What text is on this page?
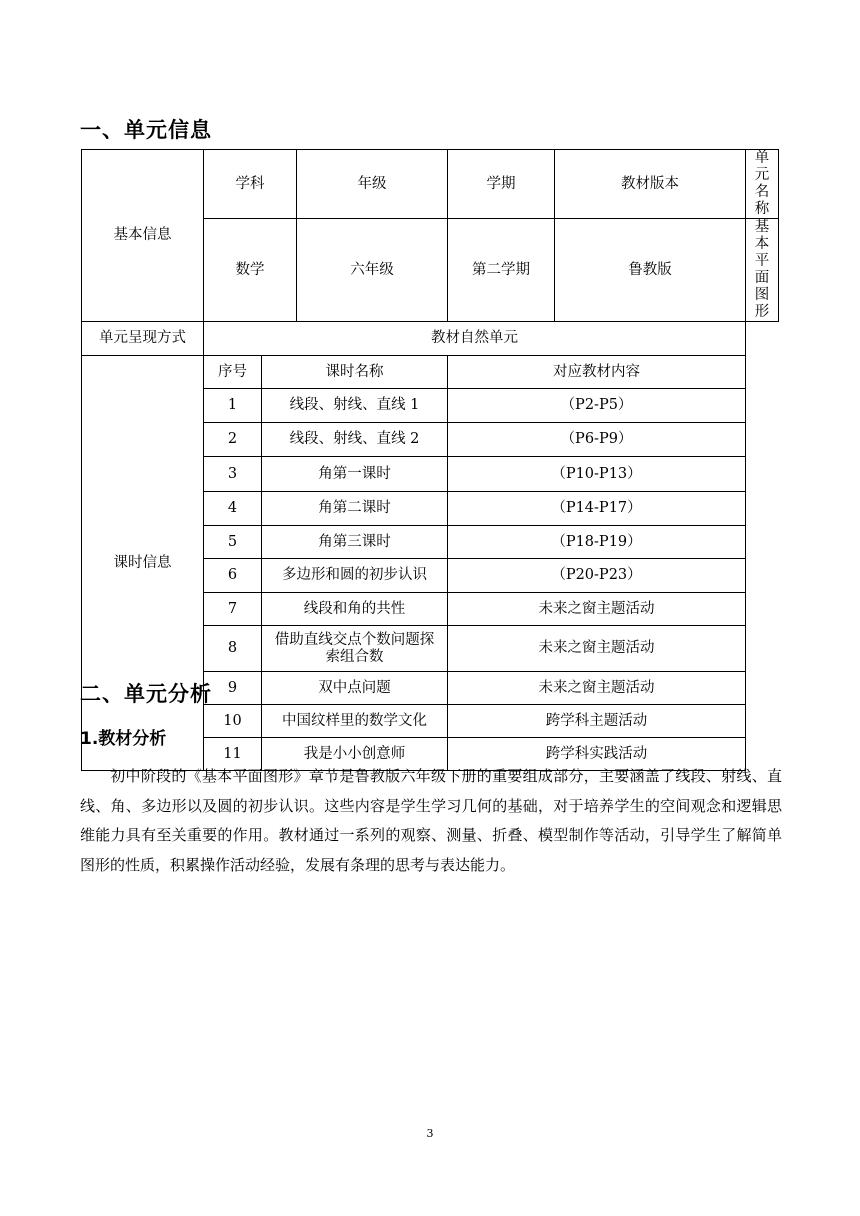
一、单元信息
基本信息	学科		年级	学期	教材版本	单元名称
	数学		六年级	第二学期	鲁教版	基本平面图形
单元呈现方式	教材自然单元					
课时信息	序号	课时名称		对应教材内容		
	1	线段、射线、直线 1		（P2-P5）		
	2	线段、射线、直线 2		（P6-P9）		
	3	角第一课时		（P10-P13）		
	4	角第二课时		（P14-P17）		
	5	角第三课时		（P18-P19）		
	6	多边形和圆的初步认识		（P20-P23）		
	7	线段和角的共性		未来之窗主题活动		
	8	借助直线交点个数问题探索组合数		未来之窗主题活动		
	9	双中点问题		未来之窗主题活动		
	10	中国纹样里的数学文化		跨学科主题活动		
	11	我是小小创意师		跨学科实践活动		
二、单元分析
1.教材分析
初中阶段的《基本平面图形》章节是鲁教版六年级下册的重要组成部分，主要涵盖了线段、射线、直线、角、多边形以及圆的初步认识。这些内容是学生学习几何的基础，对于培养学生的空间观念和逻辑思维能力具有至关重要的作用。教材通过一系列的观察、测量、折叠、模型制作等活动，引导学生了解简单图形的性质，积累操作活动经验，发展有条理的思考与表达能力。
3
